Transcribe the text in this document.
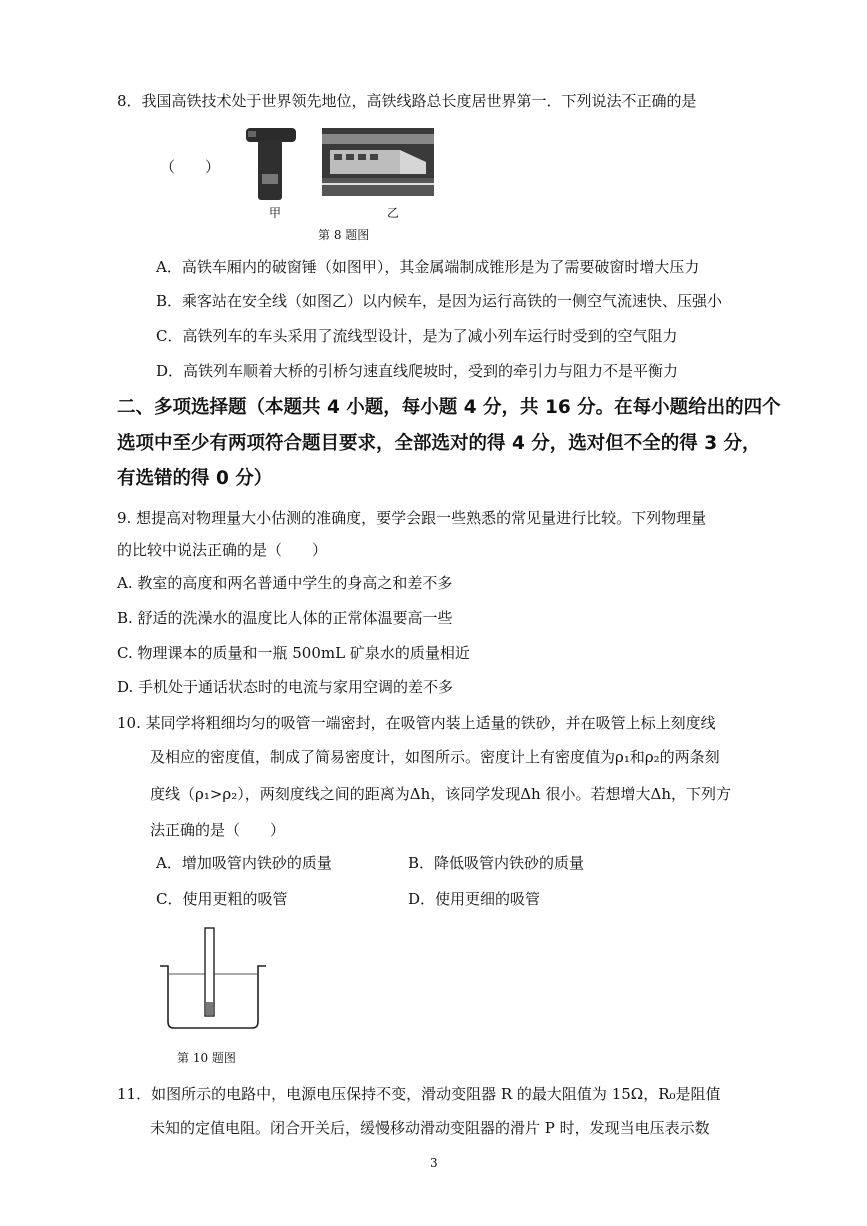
8．我国高铁技术处于世界领先地位，高铁线路总长度居世界第一．下列说法不正确的是
（　　）
甲	乙
第 8 题图
A．高铁车厢内的破窗锤（如图甲），其金属端制成锥形是为了需要破窗时增大压力
B．乘客站在安全线（如图乙）以内候车，是因为运行高铁的一侧空气流速快、压强小
C．高铁列车的车头采用了流线型设计，是为了减小列车运行时受到的空气阻力
D．高铁列车顺着大桥的引桥匀速直线爬坡时，受到的牵引力与阻力不是平衡力
二、多项选择题（本题共 4 小题，每小题 4 分，共 16 分。在每小题给出的四个
选项中至少有两项符合题目要求，全部选对的得 4 分，选对但不全的得 3 分，
有选错的得 0 分）
9. 想提高对物理量大小估测的准确度，要学会跟一些熟悉的常见量进行比较。下列物理量
的比较中说法正确的是（　　）
A. 教室的高度和两名普通中学生的身高之和差不多
B. 舒适的洗澡水的温度比人体的正常体温要高一些
C. 物理课本的质量和一瓶 500mL 矿泉水的质量相近
D. 手机处于通话状态时的电流与家用空调的差不多
10. 某同学将粗细均匀的吸管一端密封，在吸管内装上适量的铁砂，并在吸管上标上刻度线
及相应的密度值，制成了简易密度计，如图所示。密度计上有密度值为ρ₁和ρ₂的两条刻
度线（ρ₁>ρ₂），两刻度线之间的距离为Δh，该同学发现Δh 很小。若想增大Δh，下列方
法正确的是（　　）
A．增加吸管内铁砂的质量	B．降低吸管内铁砂的质量
C．使用更粗的吸管	D．使用更细的吸管
第 10 题图
11．如图所示的电路中，电源电压保持不变，滑动变阻器 R 的最大阻值为 15Ω，R₀是阻值
未知的定值电阻。闭合开关后，缓慢移动滑动变阻器的滑片 P 时，发现当电压表示数
3
